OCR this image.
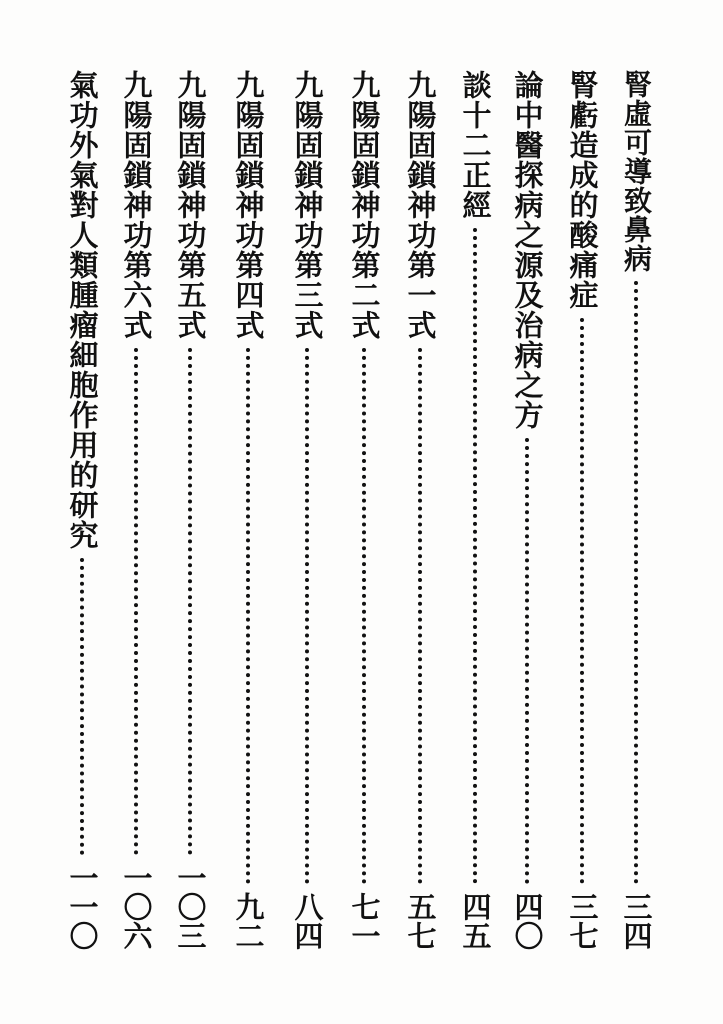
腎虛可導致鼻病
三四
腎虧造成的酸痛症
三七
論中醫探病之源及治病之方
四〇
談十二正經
四五
九陽固鎖神功第一式
五七
九陽固鎖神功第二式
七一
九陽固鎖神功第三式
八四
九陽固鎖神功第四式
九二
九陽固鎖神功第五式
一〇三
九陽固鎖神功第六式
一〇六
氣功外氣對人類腫瘤細胞作用的研究
一一〇
